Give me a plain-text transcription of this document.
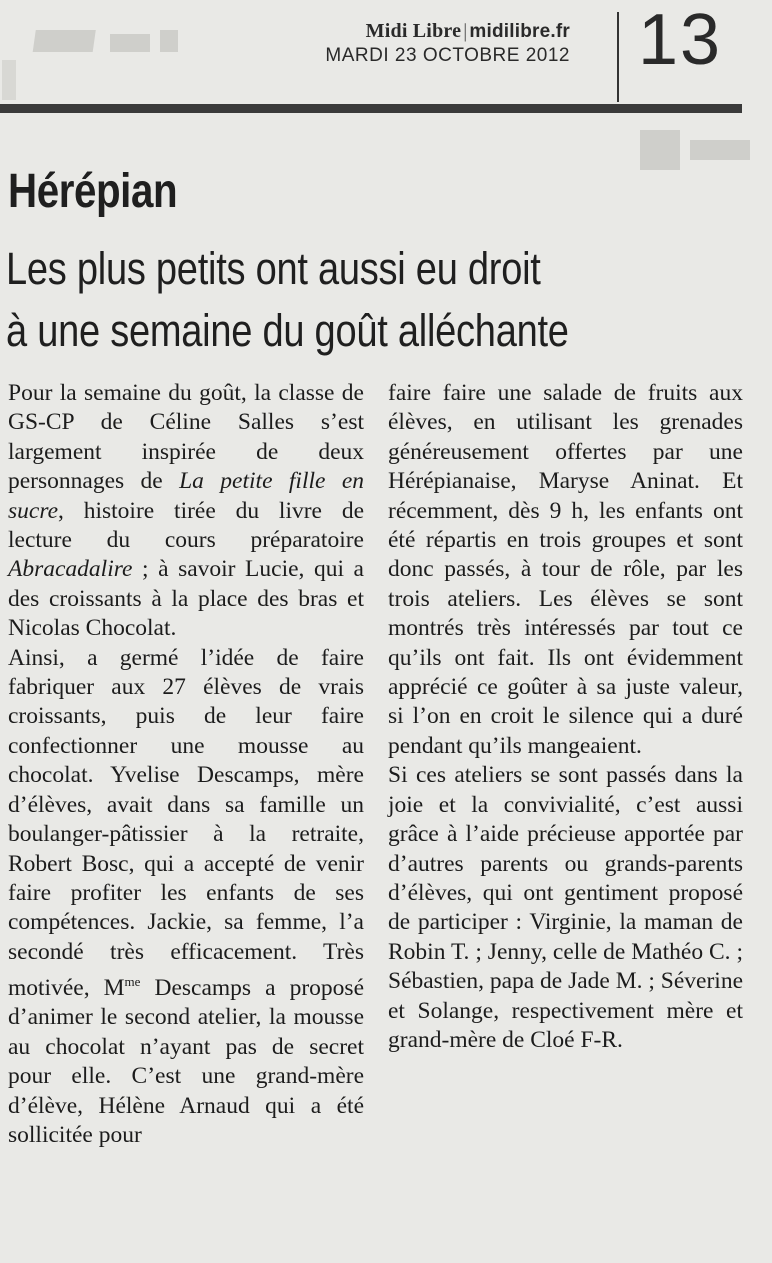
Midi Libre | midilibre.fr
MARDI 23 OCTOBRE 2012 13
Hérépian
Les plus petits ont aussi eu droit
à une semaine du goût alléchante

Pour la semaine du goût, la classe de GS-CP de Céline Salles s’est largement inspirée de deux personnages de La petite fille en sucre, histoire tirée du livre de lecture du cours préparatoire Abracadalire ; à savoir Lucie, qui a des croissants à la place des bras et Nicolas Chocolat.

Ainsi, a germé l’idée de faire fabriquer aux 27 élèves de vrais croissants, puis de leur faire confectionner une mousse au chocolat. Yvelise Descamps, mère d’élèves, avait dans sa famille un boulanger-pâtissier à la retraite, Robert Bosc, qui a accepté de venir faire profiter les enfants de ses compétences. Jackie, sa femme, l’a secondé très efficacement. Très motivée, $M^{me}$ Descamps a proposé d’animer le second atelier, la mousse au chocolat n’ayant pas de secret pour elle. C’est une grand-mère d’élève, Hélène Arnaud qui a été sollicitée pour

faire faire une salade de fruits aux élèves, en utilisant les grenades généreusement offertes par une Hérépianaise, Maryse Aninat. Et récemment, dès 9 h, les enfants ont été répartis en trois groupes et sont donc passés, à tour de rôle, par les trois ateliers. Les élèves se sont montrés très intéressés par tout ce qu’ils ont fait. Ils ont évidemment apprécié ce goûter à sa juste valeur, si l’on en croit le silence qui a duré pendant qu’ils mangeaient.

Si ces ateliers se sont passés dans la joie et la convivialité, c’est aussi grâce à l’aide précieuse apportée par d’autres parents ou grands-parents d’élèves, qui ont gentiment proposé de participer : Virginie, la maman de Robin T. ; Jenny, celle de Mathéo C. ; Sébastien, papa de Jade M. ; Séverine et Solange, respectivement mère et grand-mère de Cloé F-R.
